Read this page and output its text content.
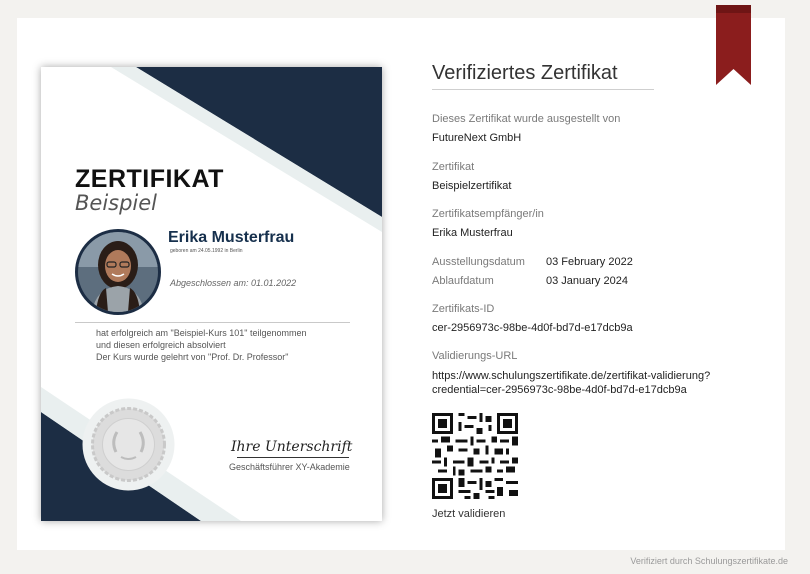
ZERTIFIKAT
Beispiel
Erika Musterfrau
geboren am 24.05.1992 in Berlin
Abgeschlossen am: 01.01.2022
hat erfolgreich am "Beispiel-Kurs 101" teilgenommen
und diesen erfolgreich absolviert
Der Kurs wurde gelehrt von "Prof. Dr. Professor"
Ihre Unterschrift
Geschäftsführer XY-Akademie
Verifiziertes Zertifikat
Dieses Zertifikat wurde ausgestellt von
FutureNext GmbH
Zertifikat
Beispielzertifikat
Zertifikatsempfänger/in
Erika Musterfrau
Ausstellungsdatum 03 February 2022
Ablaufdatum	03 January 2024
Zertifikats-ID
cer-2956973c-98be-4d0f-bd7d-e17dcb9a
Validierungs-URL
https://www.schulungszertifikate.de/zertifikat-validierung?
credential=cer-2956973c-98be-4d0f-bd7d-e17dcb9a
Jetzt validieren
Verifiziert durch Schulungszertifikate.de
